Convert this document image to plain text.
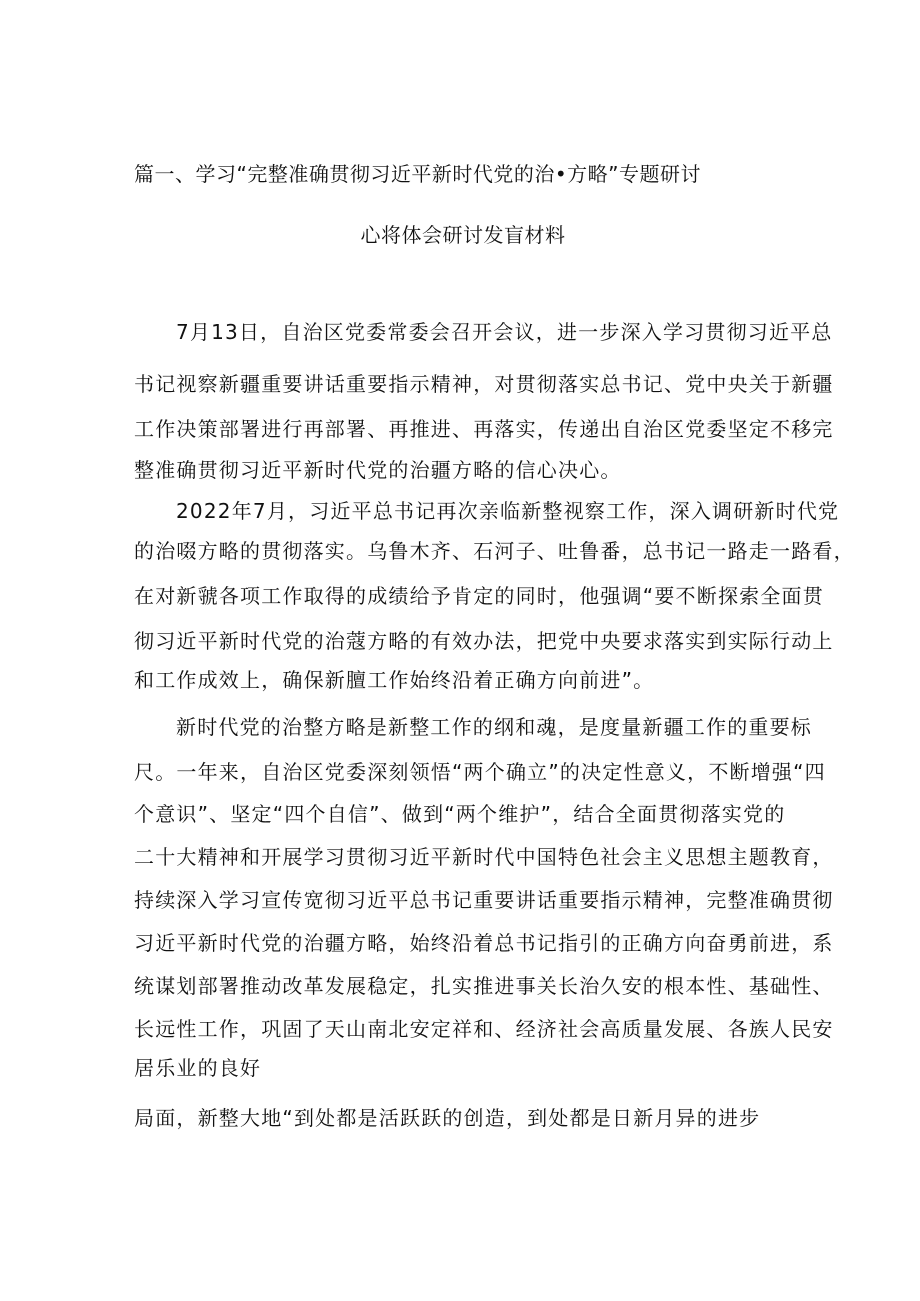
篇一、学习“完整准确贯彻习近平新时代党的治•方略”专题研讨
心将体会研讨发盲材料
7月13日，自治区党委常委会召开会议，进一步深入学习贯彻习近平总
书记视察新疆重要讲话重要指示精神，对贯彻落实总书记、党中央关于新疆
工作决策部署进行再部署、再推进、再落实，传递出自治区党委坚定不移完
整准确贯彻习近平新时代党的治疆方略的信心决心。
2022年7月，习近平总书记再次亲临新整视察工作，深入调研新时代党
的治啜方略的贯彻落实。乌鲁木齐、石河子、吐鲁番，总书记一路走一路看，
在对新虢各项工作取得的成绩给予肯定的同时，他强调“要不断探索全面贯
彻习近平新时代党的治蔻方略的有效办法，把党中央要求落实到实际行动上
和工作成效上，确保新膻工作始终沿着正确方向前进”。
新时代党的治整方略是新整工作的纲和魂，是度量新疆工作的重要标
尺。一年来，自治区党委深刻领悟“两个确立”的决定性意义，不断增强“四
个意识”、坚定“四个自信”、做到“两个维护”，结合全面贯彻落实党的
二十大精神和开展学习贯彻习近平新时代中国特色社会主义思想主题教育，
持续深入学习宣传宽彻习近平总书记重要讲话重要指示精神，完整准确贯彻
习近平新时代党的治疆方略，始终沿着总书记指引的正确方向奋勇前进，系
统谋划部署推动改革发展稳定，扎实推进事关长治久安的根本性、基础性、
长远性工作，巩固了天山南北安定祥和、经济社会高质量发展、各族人民安
居乐业的良好
局面，新整大地“到处都是活跃跃的创造，到处都是日新月异的进步
